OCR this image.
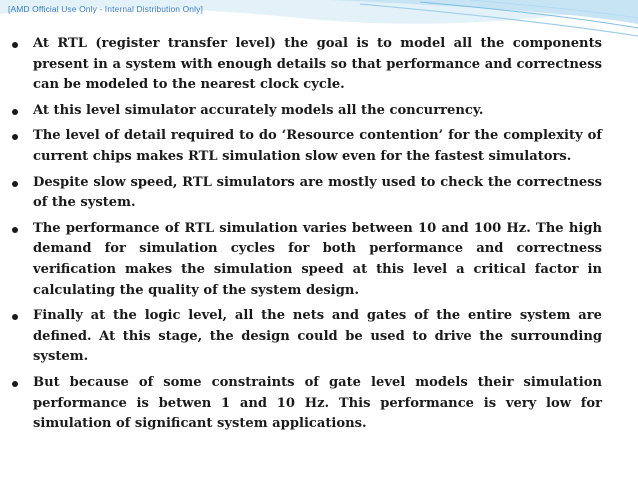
[AMD Official Use Only - Internal Distribution Only]
At RTL (register transfer level) the goal is to model all the components present in a system with enough details so that performance and correctness can be modeled to the nearest clock cycle.
At this level simulator accurately models all the concurrency.
The level of detail required to do ‘Resource contention’ for the complexity of current chips makes RTL simulation slow even for the fastest simulators.
Despite slow speed, RTL simulators are mostly used to check the correctness of the system.
The performance of RTL simulation varies between 10 and 100 Hz. The high demand for simulation cycles for both performance and correctness verification makes the simulation speed at this level a critical factor in calculating the quality of the system design.
Finally at the logic level, all the nets and gates of the entire system are defined. At this stage, the design could be used to drive the surrounding system.
But because of some constraints of gate level models their simulation performance is betwen 1 and 10 Hz. This performance is very low for simulation of significant system applications.
